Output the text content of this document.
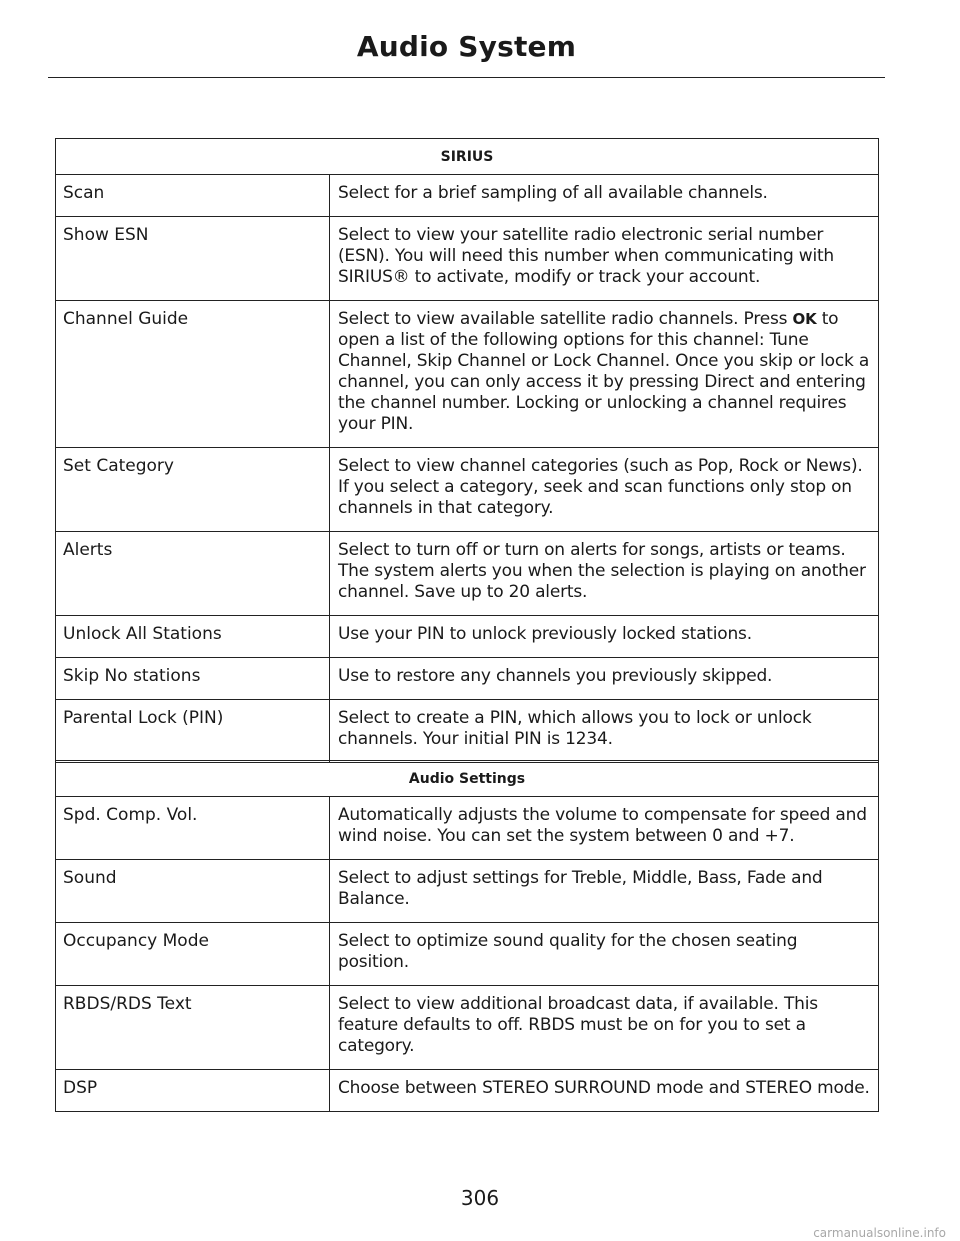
Audio System
SIRIUS	
Scan	Select for a brief sampling of all available channels.
Show ESN	Select to view your satellite radio electronic serial number (ESN). You will need this number when communicating with SIRIUS® to activate, modify or track your account.
Channel Guide	Select to view available satellite radio channels. Press OK to open a list of the following options for this channel: Tune Channel, Skip Channel or Lock Channel. Once you skip or lock a channel, you can only access it by pressing Direct and entering the channel number. Locking or unlocking a channel requires your PIN.
Set Category	Select to view channel categories (such as Pop, Rock or News). If you select a category, seek and scan functions only stop on channels in that category.
Alerts	Select to turn off or turn on alerts for songs, artists or teams. The system alerts you when the selection is playing on another channel. Save up to 20 alerts.
Unlock All Stations	Use your PIN to unlock previously locked stations.
Skip No stations	Use to restore any channels you previously skipped.
Parental Lock (PIN)	Select to create a PIN, which allows you to lock or unlock channels. Your initial PIN is 1234.
Audio Settings	
Spd. Comp. Vol.	Automatically adjusts the volume to compensate for speed and wind noise. You can set the system between 0 and +7.
Sound	Select to adjust settings for Treble, Middle, Bass, Fade and Balance.
Occupancy Mode	Select to optimize sound quality for the chosen seating position.
RBDS/RDS Text	Select to view additional broadcast data, if available. This feature defaults to off. RBDS must be on for you to set a category.
DSP	Choose between STEREO SURROUND mode and STEREO mode.
306
carmanualsonline.info
